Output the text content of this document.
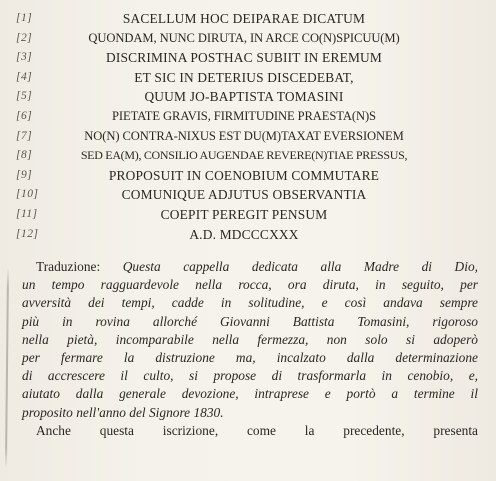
[1]	SACELLUM HOC DEIPARAE DICATUM
[2]	QUONDAM, NUNC DIRUTA, IN ARCE CO(N)SPICUU(M)
[3]	DISCRIMINA POSTHAC SUBIIT IN EREMUM
[4]	ET SIC IN DETERIUS DISCEDEBAT,
[5]	QUUM JO-BAPTISTA TOMASINI
[6]	PIETATE GRAVIS, FIRMITUDINE PRAESTA(N)S
[7]	NO(N) CONTRA-NIXUS EST DU(M)TAXAT EVERSIONEM
[8]	SED EA(M), CONSILIO AUGENDAE REVERE(N)TIAE PRESSUS,
[9]	PROPOSUIT IN COENOBIUM COMMUTARE
[10]	COMUNIQUE ADJUTUS OBSERVANTIA
[11]	COEPIT PEREGIT PENSUM
[12]	A.D. MDCCCXXX
Traduzione: Questa cappella dedicata alla Madre di Dio,
un tempo ragguardevole nella rocca, ora diruta, in seguito, per
avversità dei tempi, cadde in solitudine, e così andava sempre
più in rovina allorché Giovanni Battista Tomasini, rigoroso
nella pietà, incomparabile nella fermezza, non solo si adoperò
per fermare la distruzione ma, incalzato dalla determinazione
di accrescere il culto, si propose di trasformarla in cenobio, e,
aiutato dalla generale devozione, intraprese e portò a termine il
proposito nell'anno del Signore 1830.
Anche questa iscrizione, come la precedente, presenta
